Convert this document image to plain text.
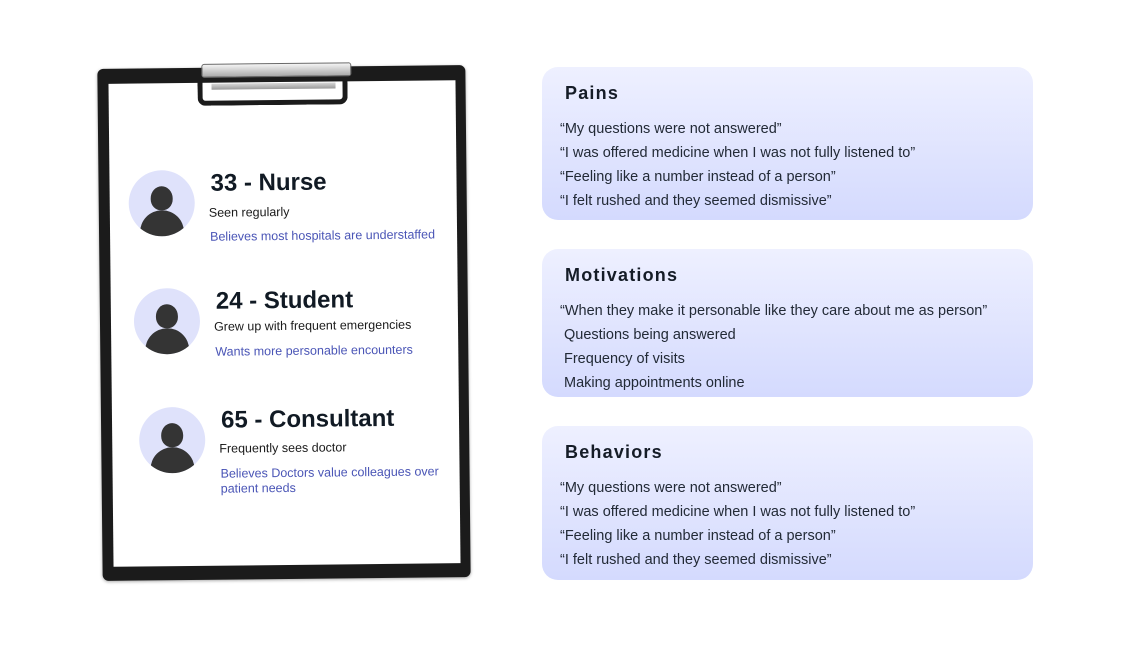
33 - Nurse
Seen regularly
Believes most hospitals are understaffed
24 - Student
Grew up with frequent emergencies
Wants more personable encounters
65 - Consultant
Frequently sees doctor
Believes Doctors value colleagues over patient needs
Pains
“My questions were not answered”
“I was offered medicine when I was not fully listened to”
“Feeling like a number instead of a person”
“I felt rushed and they seemed dismissive”
Motivations
“When they make it personable like they care about me as person”
Questions being answered
Frequency of visits
Making appointments online
Behaviors
“My questions were not answered”
“I was offered medicine when I was not fully listened to”
“Feeling like a number instead of a person”
“I felt rushed and they seemed dismissive”
